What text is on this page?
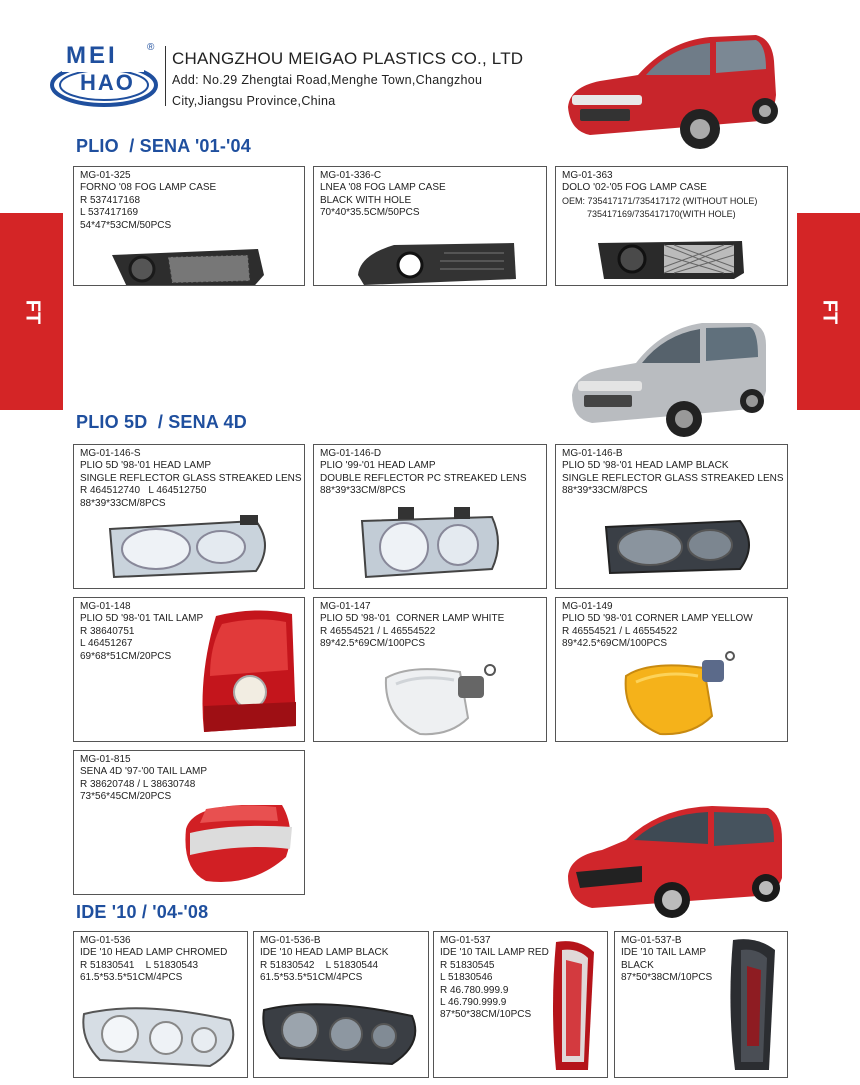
MEI
HAO
®
CHANGZHOU MEIGAO PLASTICS CO., LTD
Add: No.29 Zhengtai Road,Menghe Town,Changzhou
City,Jiangsu Province,China
FT	FT
PLIO  / SENA '01-'04
MG-01-325
FORNO '08 FOG LAMP CASE
R 537417168
L 537417169
54*47*53CM/50PCS
MG-01-336-C
LNEA '08 FOG LAMP CASE
BLACK WITH HOLE
70*40*35.5CM/50PCS
MG-01-363
DOLO '02-'05 FOG LAMP CASE
OEM: 735417171/735417172 (WITHOUT HOLE)
735417169/735417170(WITH HOLE)
PLIO 5D  / SENA 4D
MG-01-146-S
PLIO 5D '98-'01 HEAD LAMP
SINGLE REFLECTOR GLASS STREAKED LENS
R 464512740   L 464512750
88*39*33CM/8PCS
MG-01-146-D
PLIO '99-'01 HEAD LAMP
DOUBLE REFLECTOR PC STREAKED LENS
88*39*33CM/8PCS
MG-01-146-B
PLIO 5D '98-'01 HEAD LAMP BLACK
SINGLE REFLECTOR GLASS STREAKED LENS
88*39*33CM/8PCS
MG-01-148
PLIO 5D '98-'01 TAIL LAMP
R 38640751
L 46451267
69*68*51CM/20PCS
MG-01-147
PLIO 5D '98-'01  CORNER LAMP WHITE
R 46554521 / L 46554522
89*42.5*69CM/100PCS
MG-01-149
PLIO 5D '98-'01 CORNER LAMP YELLOW
R 46554521 / L 46554522
89*42.5*69CM/100PCS
MG-01-815
SENA 4D '97-'00 TAIL LAMP
R 38620748 / L 38630748
73*56*45CM/20PCS
IDE '10 / '04-'08
MG-01-536
IDE '10 HEAD LAMP CHROMED
R 51830541    L 51830543
61.5*53.5*51CM/4PCS
MG-01-536-B
IDE '10 HEAD LAMP BLACK
R 51830542    L 51830544
61.5*53.5*51CM/4PCS
MG-01-537
IDE '10 TAIL LAMP RED
R 51830545
L 51830546
R 46.780.999.9
L 46.790.999.9
87*50*38CM/10PCS
MG-01-537-B
IDE '10 TAIL LAMP
BLACK
87*50*38CM/10PCS
